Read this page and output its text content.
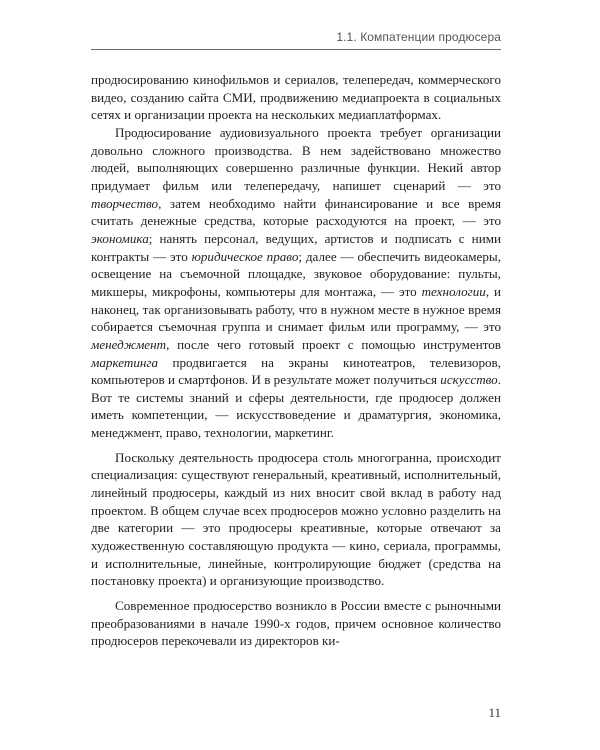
1.1. Компатенции продюсера

продюсированию кинофильмов и сериалов, телепередач, коммерческого видео, созданию сайта СМИ, продвижению медиапроекта в социальных сетях и организации проекта на нескольких медиаплатформах.

Продюсирование аудиовизуального проекта требует организации довольно сложного производства. В нем задействовано множество людей, выполняющих совершенно различные функции. Некий автор придумает фильм или телепередачу, напишет сценарий — это творчество, затем необходимо найти финансирование и все время считать денежные средства, которые расходуются на проект, — это экономика; нанять персонал, ведущих, артистов и подписать с ними контракты — это юридическое право; далее — обеспечить видеокамеры, освещение на съемочной площадке, звуковое оборудование: пульты, микшеры, микрофоны, компьютеры для монтажа, — это технологии, и наконец, так организовывать работу, что в нужном месте в нужное время собирается съемочная группа и снимает фильм или программу, — это менеджмент, после чего готовый проект с помощью инструментов маркетинга продвигается на экраны кинотеатров, телевизоров, компьютеров и смартфонов. И в результате может получиться искусство. Вот те системы знаний и сферы деятельности, где продюсер должен иметь компетенции, — искусствоведение и драматургия, экономика, менеджмент, право, технологии, маркетинг.

Поскольку деятельность продюсера столь многогранна, происходит специализация: существуют генеральный, креативный, исполнительный, линейный продюсеры, каждый из них вносит свой вклад в работу над проектом. В общем случае всех продюсеров можно условно разделить на две категории — это продюсеры креативные, которые отвечают за художественную составляющую продукта — кино, сериала, программы, и исполнительные, линейные, контролирующие бюджет (средства на постановку проекта) и организующие производство.

Современное продюсерство возникло в России вместе с рыночными преобразованиями в начале 1990-х годов, причем основное количество продюсеров перекочевали из директоров ки-

11
